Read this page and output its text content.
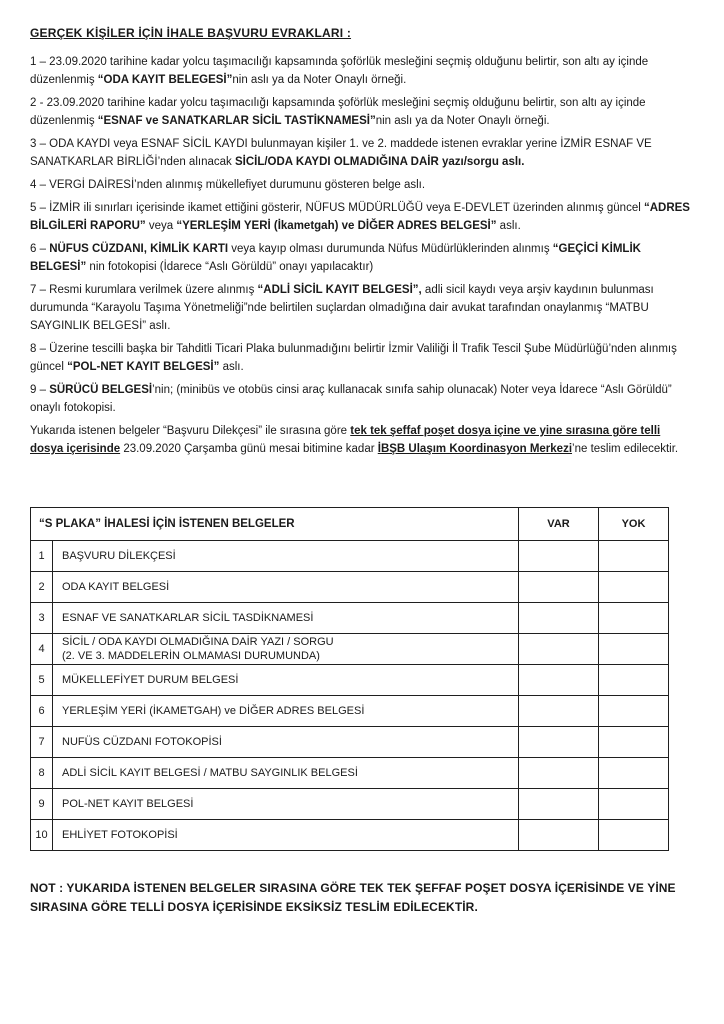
GERÇEK KİŞİLER İÇİN İHALE BAŞVURU EVRAKLARI :

1 – 23.09.2020 tarihine kadar yolcu taşımacılığı kapsamında şoförlük mesleğini seçmiş olduğunu belirtir, son altı ay içinde düzenlenmiş “ODA KAYIT BELEGESİ”nin aslı ya da Noter Onaylı örneği.

2 - 23.09.2020 tarihine kadar yolcu taşımacılığı kapsamında şoförlük mesleğini seçmiş olduğunu belirtir, son altı ay içinde düzenlenmiş “ESNAF ve SANATKARLAR SİCİL TASTİKNAMESİ”nin aslı ya da Noter Onaylı örneği.

3 – ODA KAYDI veya ESNAF SİCİL KAYDI bulunmayan kişiler 1. ve 2. maddede istenen evraklar yerine İZMİR ESNAF VE SANATKARLAR BİRLİĞİ’nden alınacak SİCİL/ODA KAYDI OLMADIĞINA DAİR yazı/sorgu aslı.

4 – VERGİ DAİRESİ’nden alınmış mükellefiyet durumunu gösteren belge aslı.

5 – İZMİR ili sınırları içerisinde ikamet ettiğini gösterir, NÜFUS MÜDÜRLÜĞÜ veya E-DEVLET üzerinden alınmış güncel “ADRES BİLGİLERİ RAPORU” veya “YERLEŞİM YERİ (İkametgah) ve DİĞER ADRES BELGESİ” aslı.

6 – NÜFUS CÜZDANI, KİMLİK KARTI veya kayıp olması durumunda Nüfus Müdürlüklerinden alınmış “GEÇİCİ KİMLİK BELGESİ” nin fotokopisi (İdarece “Aslı Görüldü” onayı yapılacaktır)

7 – Resmi kurumlara verilmek üzere alınmış “ADLİ SİCİL KAYIT BELGESİ”, adli sicil kaydı veya arşiv kaydının bulunması durumunda “Karayolu Taşıma Yönetmeliği”nde belirtilen suçlardan olmadığına dair avukat tarafından onaylanmış “MATBU SAYGINLIK BELGESİ” aslı.

8 – Üzerine tescilli başka bir Tahditli Ticari Plaka bulunmadığını belirtir İzmir Valiliği İl Trafik Tescil Şube Müdürlüğü’nden alınmış güncel “POL-NET KAYIT BELGESİ” aslı.

9 – SÜRÜCÜ BELGESİ’nin; (minibüs ve otobüs cinsi araç kullanacak sınıfa sahip olunacak) Noter veya İdarece “Aslı Görüldü” onaylı fotokopisi.

Yukarıda istenen belgeler “Başvuru Dilekçesi” ile sırasına göre tek tek şeffaf poşet dosya içine ve yine sırasına göre telli dosya içerisinde 23.09.2020 Çarşamba günü mesai bitimine kadar İBŞB Ulaşım Koordinasyon Merkezi’ne teslim edilecektir.

“S PLAKA” İHALESİ İÇİN İSTENEN BELGELER		VAR	YOK
1	BAŞVURU DİLEKÇESİ		
2	ODA KAYIT BELGESİ		
3	ESNAF VE SANATKARLAR SİCİL TASDİKNAMESİ		
4	SİCİL / ODA KAYDI OLMADIĞINA DAİR YAZI / SORGU
(2. VE 3. MADDELERİN OLMAMASI DURUMUNDA)		
5	MÜKELLEFİYET DURUM BELGESİ		
6	YERLEŞİM YERİ (İKAMETGAH) ve DİĞER ADRES BELGESİ		
7	NUFÜS CÜZDANI FOTOKOPİSİ		
8	ADLİ SİCİL KAYIT BELGESİ / MATBU SAYGINLIK BELGESİ		
9	POL-NET KAYIT BELGESİ		
10	EHLİYET FOTOKOPİSİ		

NOT : YUKARIDA İSTENEN BELGELER SIRASINA GÖRE TEK TEK ŞEFFAF POŞET DOSYA İÇERİSİNDE VE YİNE SIRASINA GÖRE TELLİ DOSYA İÇERİSİNDE EKSİKSİZ TESLİM EDİLECEKTİR.
